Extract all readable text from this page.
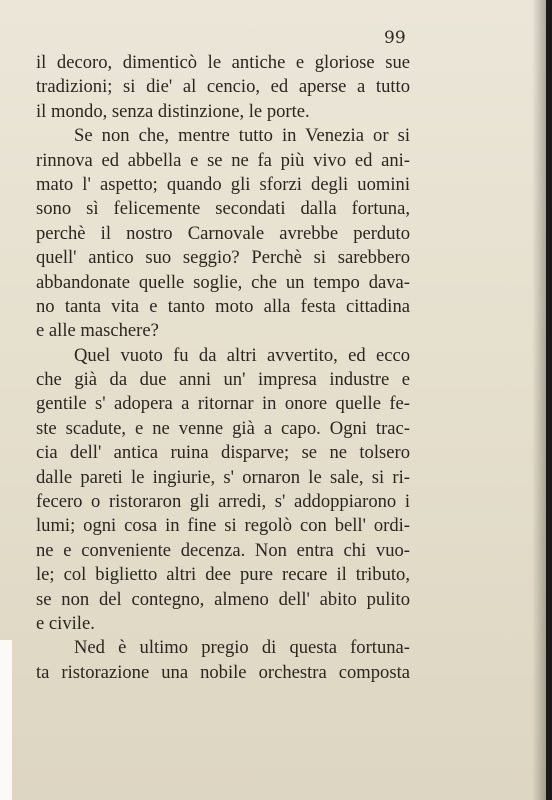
99
il decoro, dimenticò le antiche e gloriose sue
tradizioni; si die' al cencio, ed aperse a tutto
il mondo, senza distinzione, le porte.
Se non che, mentre tutto in Venezia or si
rinnova ed abbella e se ne fa più vivo ed ani-
mato l' aspetto; quando gli sforzi degli uomini
sono sì felicemente secondati dalla fortuna,
perchè il nostro Carnovale avrebbe perduto
quell' antico suo seggio? Perchè si sarebbero
abbandonate quelle soglie, che un tempo dava-
no tanta vita e tanto moto alla festa cittadina
e alle maschere?
Quel vuoto fu da altri avvertito, ed ecco
che già da due anni un' impresa industre e
gentile s' adopera a ritornar in onore quelle fe-
ste scadute, e ne venne già a capo. Ogni trac-
cia dell' antica ruina disparve; se ne tolsero
dalle pareti le ingiurie, s' ornaron le sale, si ri-
fecero o ristoraron gli arredi, s' addoppiarono i
lumi; ogni cosa in fine si regolò con bell' ordi-
ne e conveniente decenza. Non entra chi vuo-
le; col biglietto altri dee pure recare il tributo,
se non del contegno, almeno dell' abito pulito
e civile.
Ned è ultimo pregio di questa fortuna-
ta ristorazione una nobile orchestra composta
